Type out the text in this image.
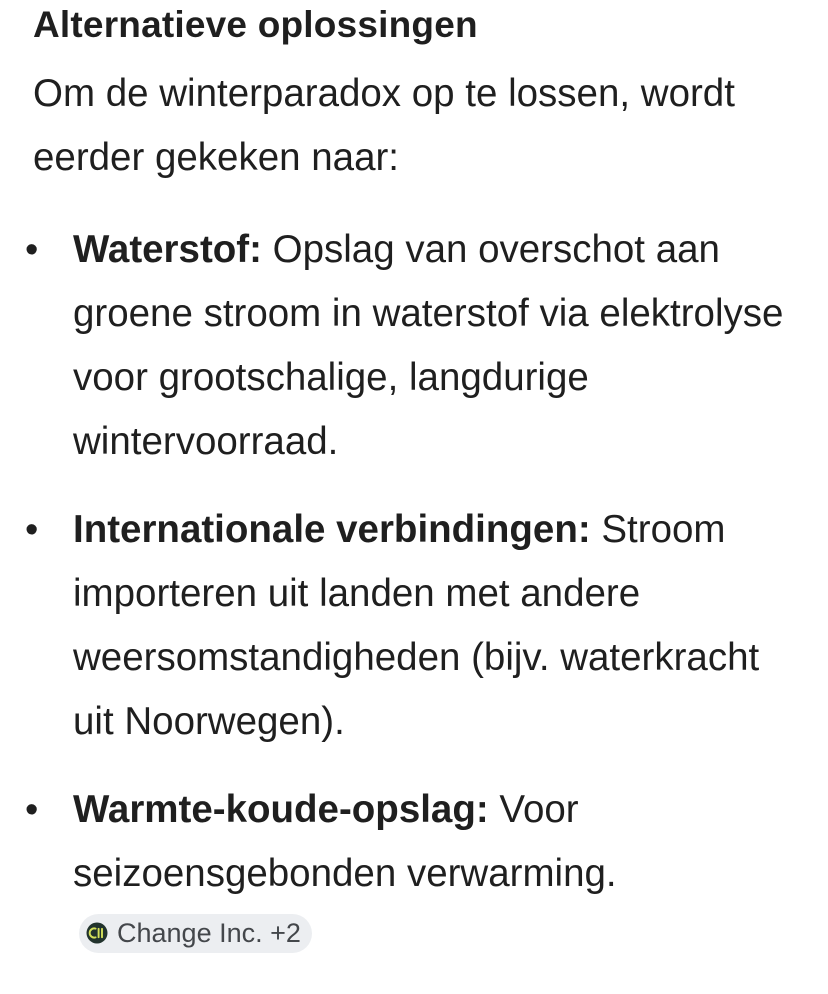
Alternatieve oplossingen
Om de winterparadox op te lossen, wordt eerder gekeken naar:
• Waterstof: Opslag van overschot aan groene stroom in waterstof via elektrolyse voor grootschalige, langdurige wintervoorraad.
• Internationale verbindingen: Stroom importeren uit landen met andere weersomstandigheden (bijv. waterkracht uit Noorwegen).
• Warmte-koude-opslag: Voor seizoensgebonden verwarming.
Change Inc. +2
